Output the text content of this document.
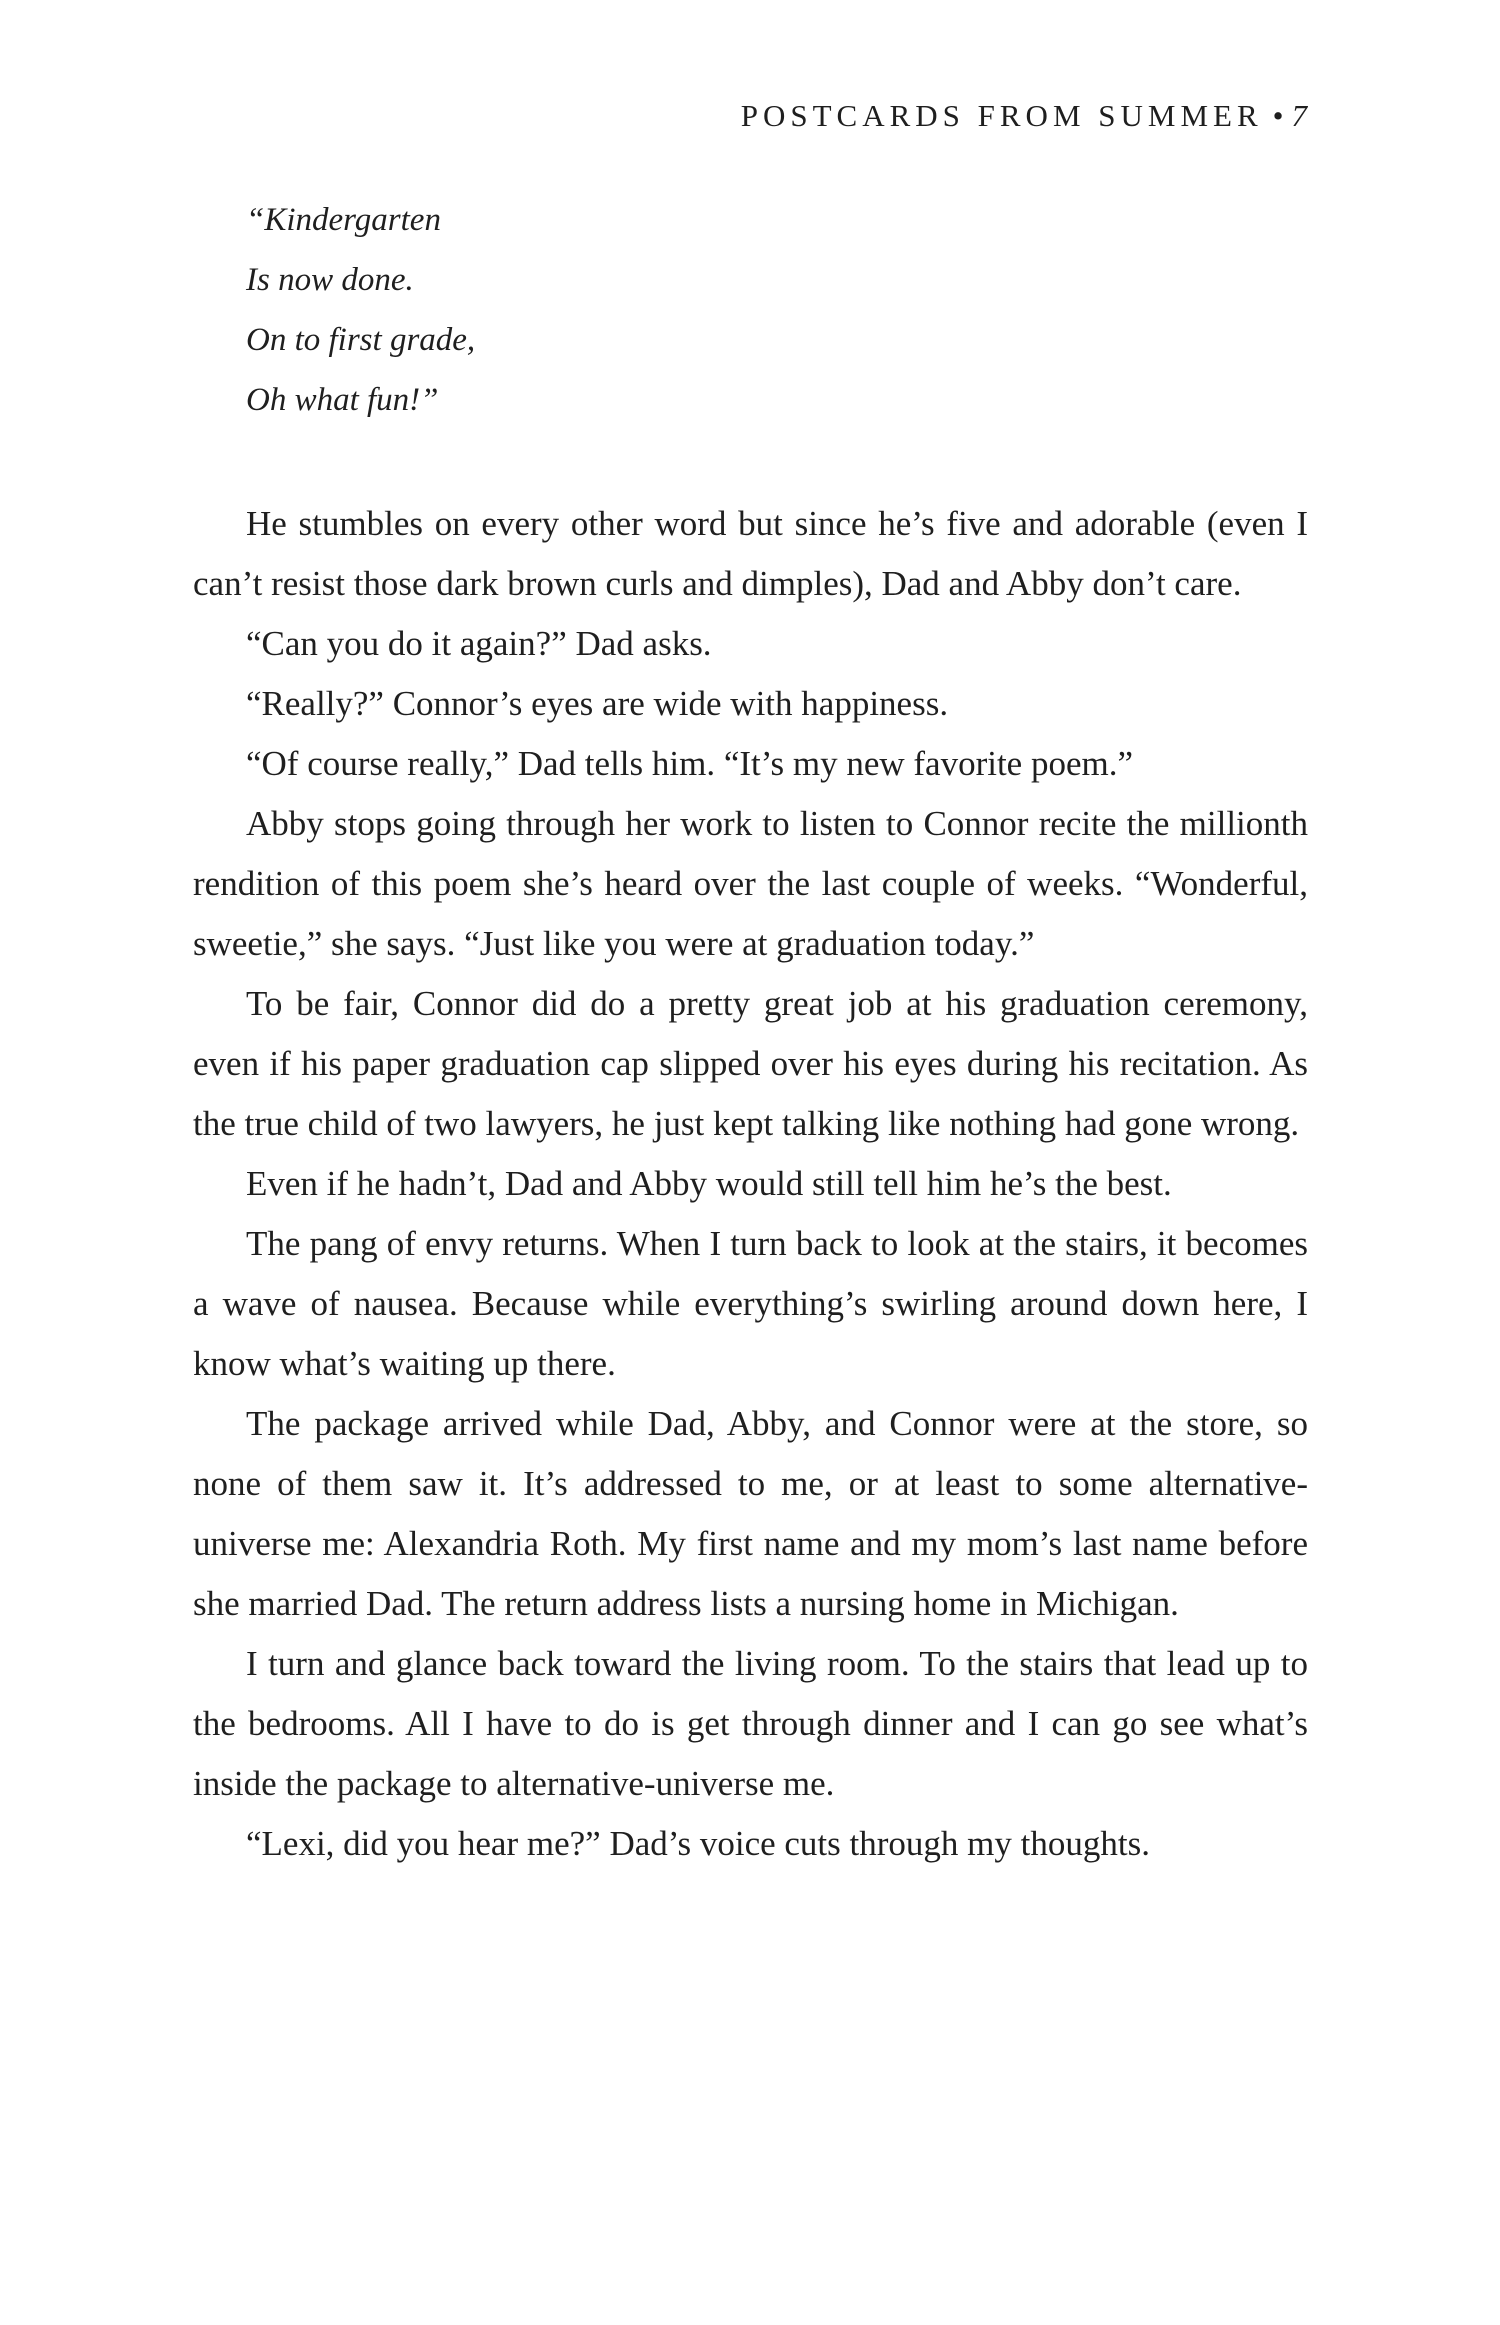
POSTCARDS FROM SUMMER • 7
“Kindergarten
Is now done.
On to first grade,
Oh what fun!”

He stumbles on every other word but since he’s five and adorable (even I can’t resist those dark brown curls and dimples), Dad and Abby don’t care.

“Can you do it again?” Dad asks.

“Really?” Connor’s eyes are wide with happiness.

“Of course really,” Dad tells him. “It’s my new favorite poem.”

Abby stops going through her work to listen to Connor recite the millionth rendition of this poem she’s heard over the last couple of weeks. “Wonderful, sweetie,” she says. “Just like you were at graduation today.”

To be fair, Connor did do a pretty great job at his graduation ceremony, even if his paper graduation cap slipped over his eyes during his recitation. As the true child of two lawyers, he just kept talking like nothing had gone wrong.

Even if he hadn’t, Dad and Abby would still tell him he’s the best.

The pang of envy returns. When I turn back to look at the stairs, it becomes a wave of nausea. Because while everything’s swirling around down here, I know what’s waiting up there.

The package arrived while Dad, Abby, and Connor were at the store, so none of them saw it. It’s addressed to me, or at least to some alternative-universe me: Alexandria Roth. My first name and my mom’s last name before she married Dad. The return address lists a nursing home in Michigan.

I turn and glance back toward the living room. To the stairs that lead up to the bedrooms. All I have to do is get through dinner and I can go see what’s inside the package to alternative-universe me.

“Lexi, did you hear me?” Dad’s voice cuts through my thoughts.
